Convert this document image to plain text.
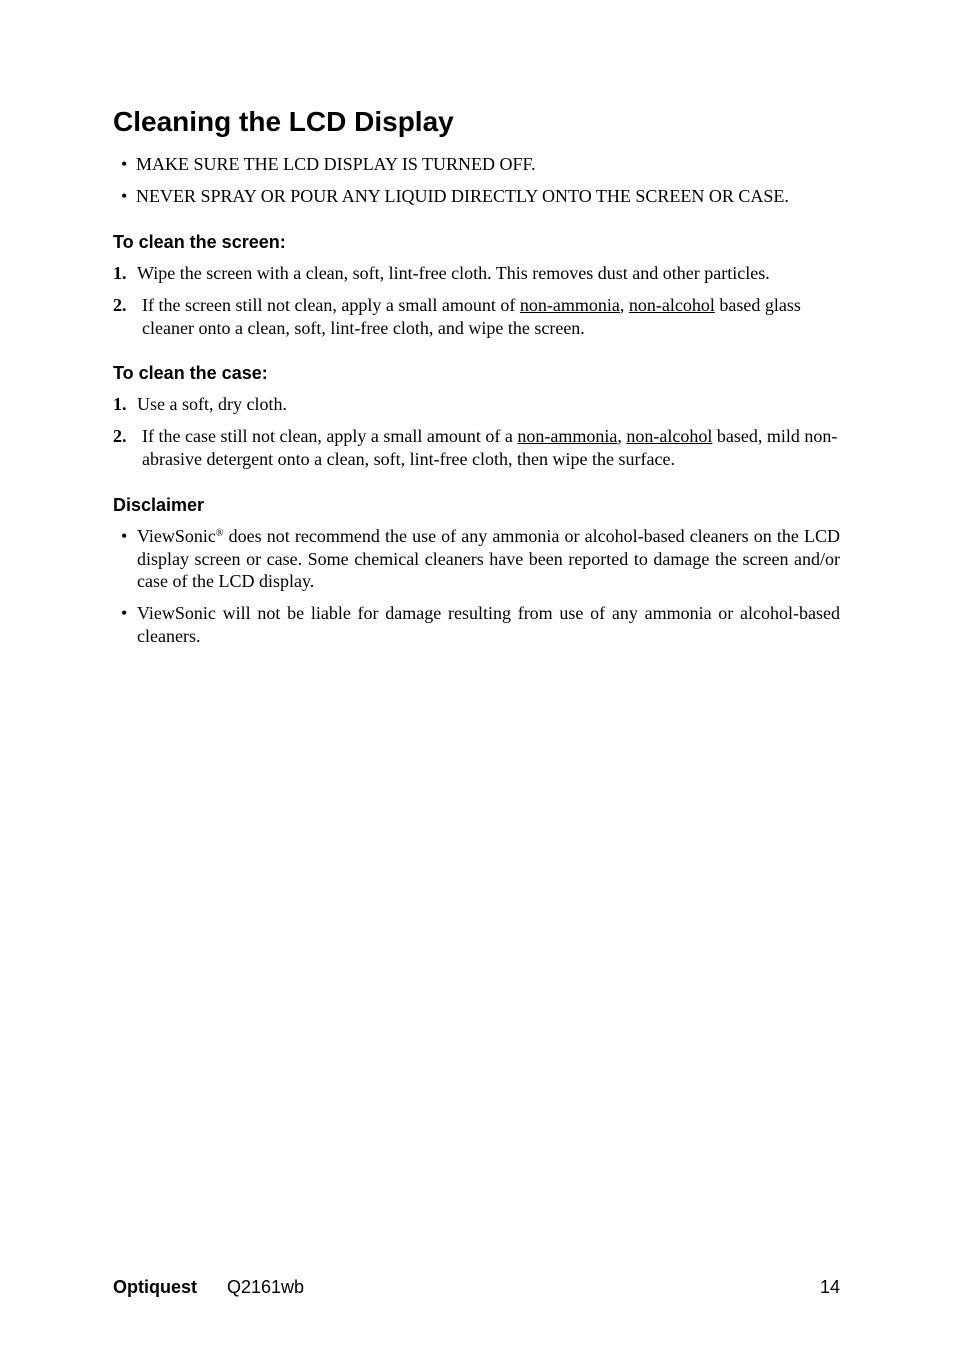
Cleaning the LCD Display
• MAKE SURE THE LCD DISPLAY IS TURNED OFF.

• NEVER SPRAY OR POUR ANY LIQUID DIRECTLY ONTO THE SCREEN OR CASE.

To clean the screen:
1. Wipe the screen with a clean, soft, lint-free cloth. This removes dust and other particles.

2. If the screen still not clean, apply a small amount of non-ammonia, non-alcohol based glass cleaner onto a clean, soft, lint-free cloth, and wipe the screen.

To clean the case:
1. Use a soft, dry cloth.

2. If the case still not clean, apply a small amount of a non-ammonia, non-alcohol based, mild non-abrasive detergent onto a clean, soft, lint-free cloth, then wipe the surface.

Disclaimer
• ViewSonic® does not recommend the use of any ammonia or alcohol-based cleaners on the LCD display screen or case. Some chemical cleaners have been reported to damage the screen and/or case of the LCD display.

• ViewSonic will not be liable for damage resulting from use of any ammonia or alcohol-based cleaners.

Optiquest Q2161wb	14
